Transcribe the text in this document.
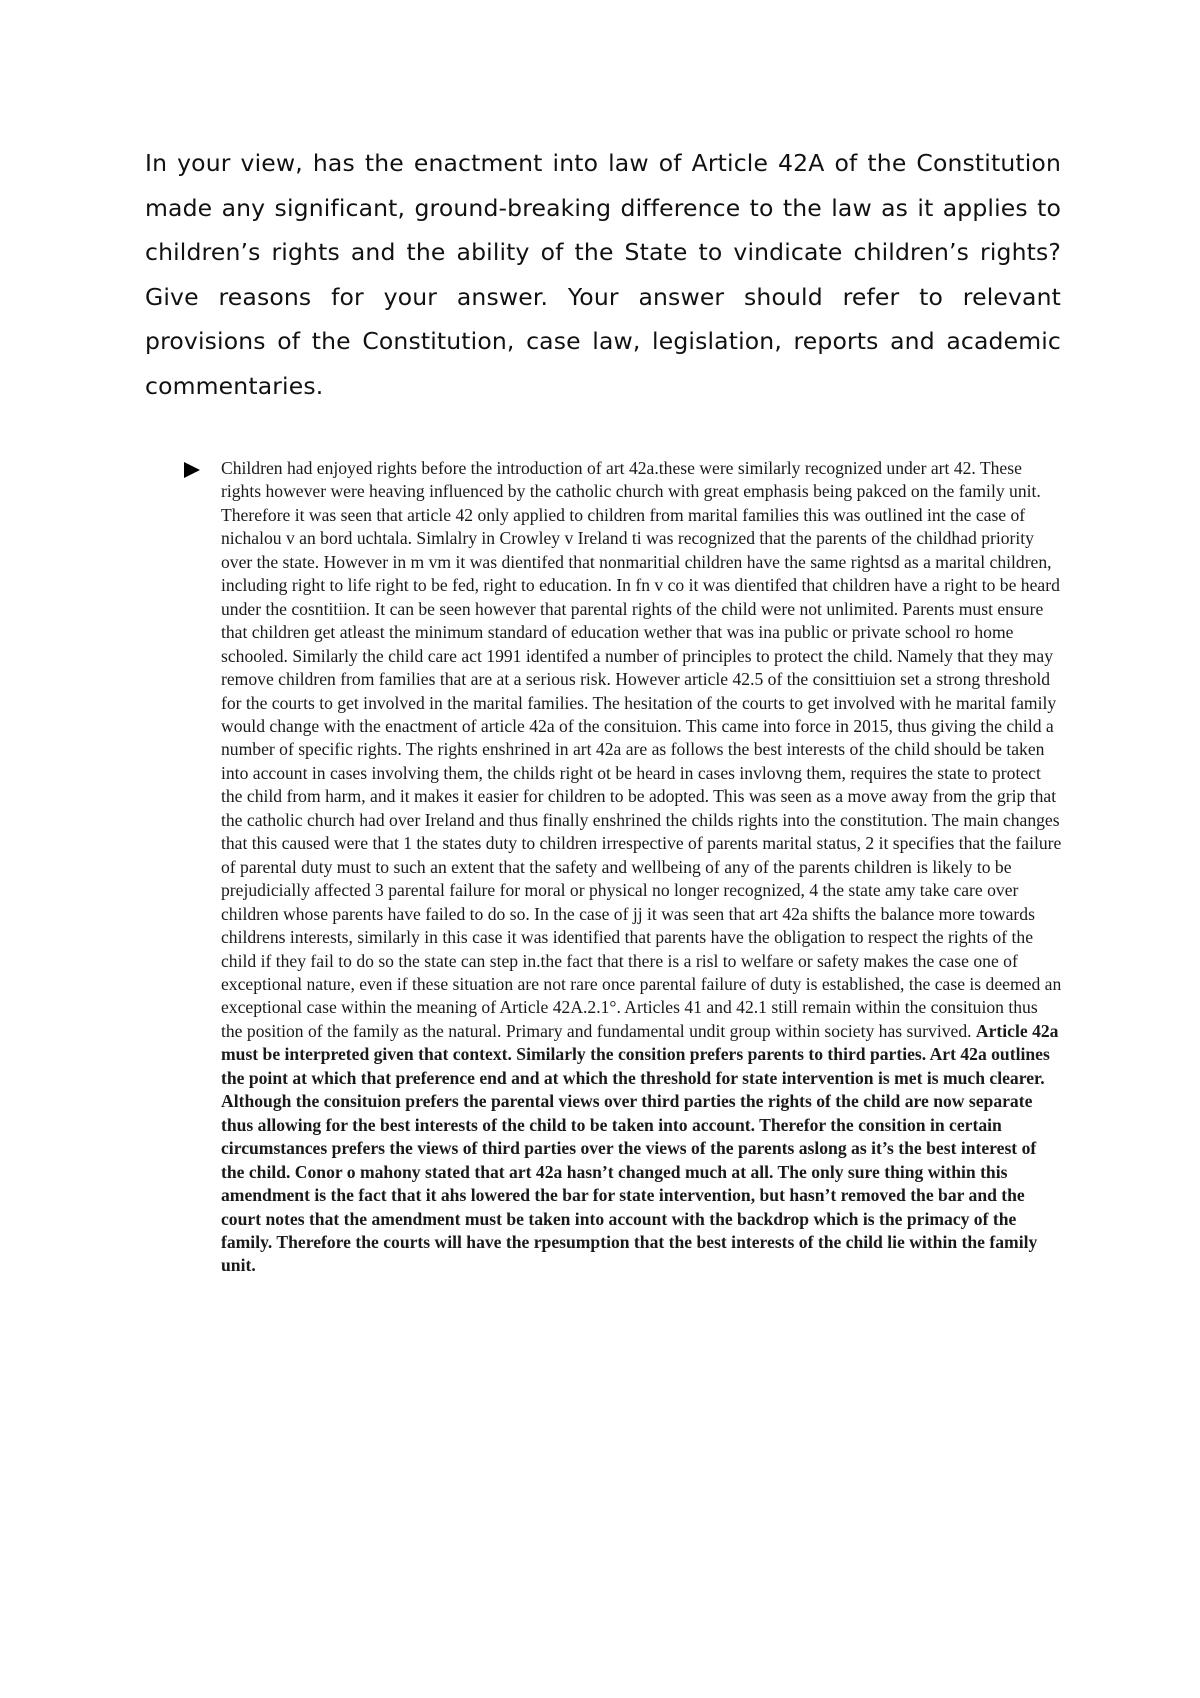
In your view, has the enactment into law of Article 42A of the Constitution made any significant, ground-breaking difference to the law as it applies to children’s rights and the ability of the State to vindicate children’s rights? Give reasons for your answer. Your answer should refer to relevant provisions of the Constitution, case law, legislation, reports and academic commentaries.

Children had enjoyed rights before the introduction of art 42a.these were similarly recognized under art 42. These rights however were heaving influenced by the catholic church with great emphasis being pakced on the family unit. Therefore it was seen that article 42 only applied to children from marital families this was outlined int the case of nichalou v an bord uchtala. Simlalry in Crowley v Ireland ti was recognized that the parents of the childhad priority over the state. However in m vm it was dientifed that nonmaritial children have the same rightsd as a marital children, including right to life right to be fed, right to education. In fn v co it was dientifed that children have a right to be heard under the cosntitiion. It can be seen however that parental rights of the child were not unlimited. Parents must ensure that children get atleast the minimum standard of education wether that was ina public or private school ro home schooled. Similarly the child care act 1991 identifed a number of principles to protect the child. Namely that they may remove children from families that are at a serious risk. However article 42.5 of the consittiuion set a strong threshold for the courts to get involved in the marital families. The hesitation of the courts to get involved with he marital family would change with the enactment of article 42a of the consituion. This came into force in 2015, thus giving the child a number of specific rights. The rights enshrined in art 42a are as follows the best interests of the child should be taken into account in cases involving them, the childs right ot be heard in cases invlovng them, requires the state to protect the child from harm, and it makes it easier for children to be adopted. This was seen as a move away from the grip that the catholic church had over Ireland and thus finally enshrined the childs rights into the constitution. The main changes that this caused were that 1 the states duty to children irrespective of parents marital status, 2 it specifies that the failure of parental duty must to such an extent that the safety and wellbeing of any of the parents children is likely to be prejudicially affected 3 parental failure for moral or physical no longer recognized, 4 the state amy take care over children whose parents have failed to do so. In the case of jj it was seen that art 42a shifts the balance more towards childrens interests, similarly in this case it was identified that parents have the obligation to respect the rights of the child if they fail to do so the state can step in.the fact that there is a risl to welfare or safety makes the case one of exceptional nature, even if these situation are not rare once parental failure of duty is established, the case is deemed an exceptional case within the meaning of Article 42A.2.1°. Articles 41 and 42.1 still remain within the consituion thus the position of the family as the natural. Primary and fundamental undit group within society has survived. Article 42a must be interpreted given that context. Similarly the consition prefers parents to third parties. Art 42a outlines the point at which that preference end and at which the threshold for state intervention is met is much clearer. Although the consituion prefers the parental views over third parties the rights of the child are now separate thus allowing for the best interests of the child to be taken into account. Therefor the consition in certain circumstances prefers the views of third parties over the views of the parents aslong as it’s the best interest of the child. Conor o mahony stated that art 42a hasn’t changed much at all. The only sure thing within this amendment is the fact that it ahs lowered the bar for state intervention, but hasn’t removed the bar and the court notes that the amendment must be taken into account with the backdrop which is the primacy of the family. Therefore the courts will have the rpesumption that the best interests of the child lie within the family unit.
